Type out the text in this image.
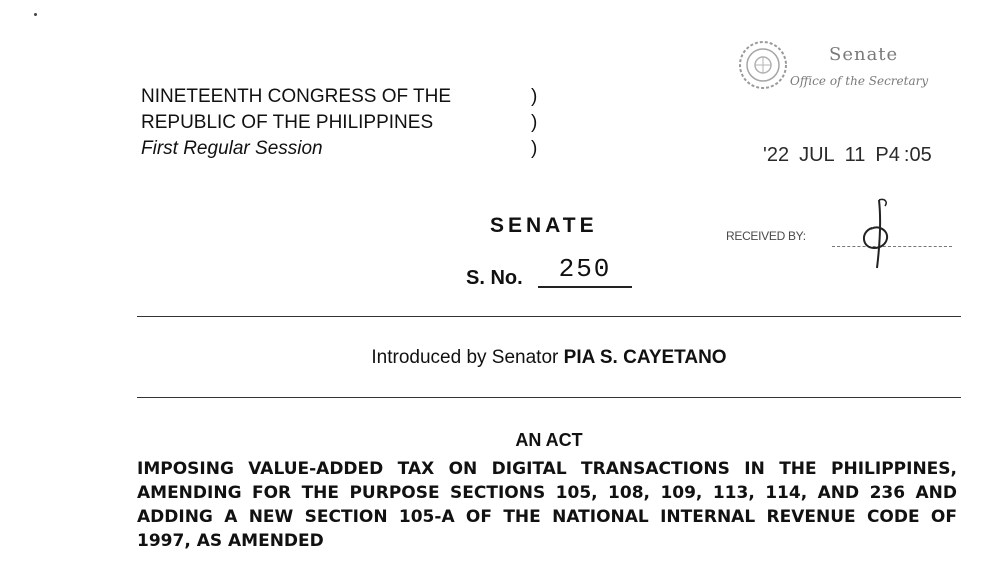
NINETEENTH CONGRESS OF THE
REPUBLIC OF THE PHILIPPINES
First Regular Session
)
)
)
Senate
Office of the Secretary
'22 JUL 11 P4 :05
SENATE	RECEIVED BY:
S. No.	250
Introduced by Senator PIA S. CAYETANO
AN ACT
IMPOSING VALUE-ADDED TAX ON DIGITAL TRANSACTIONS IN THE PHILIPPINES, AMENDING FOR THE PURPOSE SECTIONS 105, 108, 109, 113, 114, AND 236 AND ADDING A NEW SECTION 105-A OF THE NATIONAL INTERNAL REVENUE CODE OF 1997, AS AMENDED
